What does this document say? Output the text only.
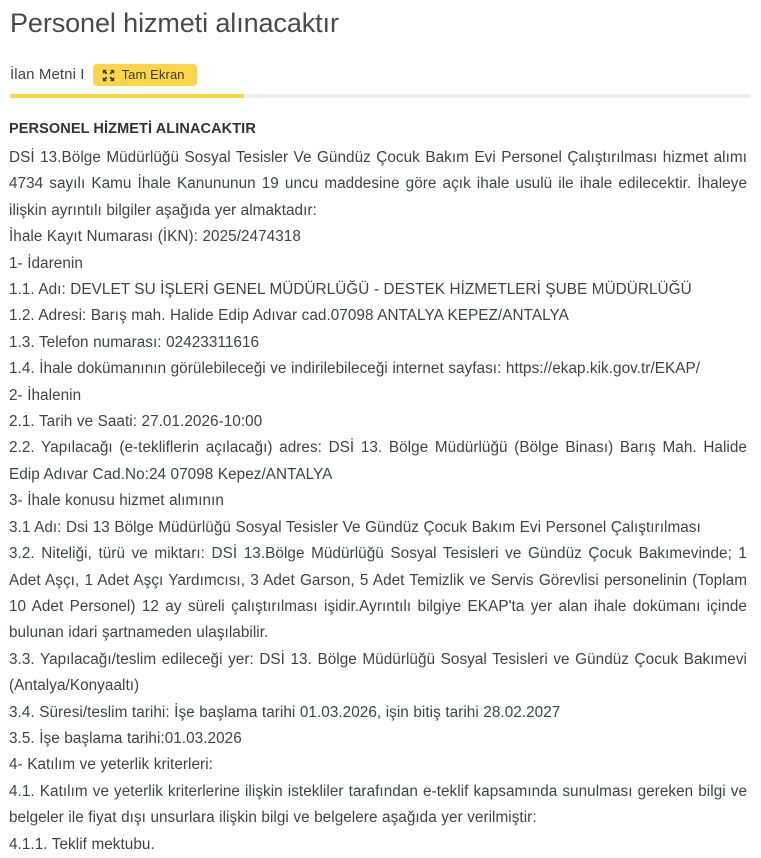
Personel hizmeti alınacaktır
İlan Metni I	Tam Ekran
PERSONEL HİZMETİ ALINACAKTIR

DSİ 13.Bölge Müdürlüğü Sosyal Tesisler Ve Gündüz Çocuk Bakım Evi Personel Çalıştırılması hizmet alımı 4734 sayılı Kamu İhale Kanununun 19 uncu maddesine göre açık ihale usulü ile ihale edilecektir. İhaleye ilişkin ayrıntılı bilgiler aşağıda yer almaktadır:

İhale Kayıt Numarası (İKN): 2025/2474318

1- İdarenin

1.1. Adı: DEVLET SU İŞLERİ GENEL MÜDÜRLÜĞÜ - DESTEK HİZMETLERİ ŞUBE MÜDÜRLÜĞÜ

1.2. Adresi: Barış mah. Halide Edip Adıvar cad.07098 ANTALYA KEPEZ/ANTALYA

1.3. Telefon numarası: 02423311616

1.4. İhale dokümanının görülebileceği ve indirilebileceği internet sayfası: https://ekap.kik.gov.tr/EKAP/

2- İhalenin

2.1. Tarih ve Saati: 27.01.2026-10:00

2.2. Yapılacağı (e-tekliflerin açılacağı) adres: DSİ 13. Bölge Müdürlüğü (Bölge Binası) Barış Mah. Halide Edip Adıvar Cad.No:24 07098 Kepez/ANTALYA

3- İhale konusu hizmet alımının

3.1 Adı: Dsi 13 Bölge Müdürlüğü Sosyal Tesisler Ve Gündüz Çocuk Bakım Evi Personel Çalıştırılması

3.2. Niteliği, türü ve miktarı: DSİ 13.Bölge Müdürlüğü Sosyal Tesisleri ve Gündüz Çocuk Bakımevinde; 1 Adet Aşçı, 1 Adet Aşçı Yardımcısı, 3 Adet Garson, 5 Adet Temizlik ve Servis Görevlisi personelinin (Toplam 10 Adet Personel) 12 ay süreli çalıştırılması işidir.Ayrıntılı bilgiye EKAP'ta yer alan ihale dokümanı içinde bulunan idari şartnameden ulaşılabilir.

3.3. Yapılacağı/teslim edileceği yer: DSİ 13. Bölge Müdürlüğü Sosyal Tesisleri ve Gündüz Çocuk Bakımevi (Antalya/Konyaaltı)

3.4. Süresi/teslim tarihi: İşe başlama tarihi 01.03.2026, işin bitiş tarihi 28.02.2027

3.5. İşe başlama tarihi:01.03.2026

4- Katılım ve yeterlik kriterleri:

4.1. Katılım ve yeterlik kriterlerine ilişkin istekliler tarafından e-teklif kapsamında sunulması gereken bilgi ve belgeler ile fiyat dışı unsurlara ilişkin bilgi ve belgelere aşağıda yer verilmiştir:

4.1.1. Teklif mektubu.
